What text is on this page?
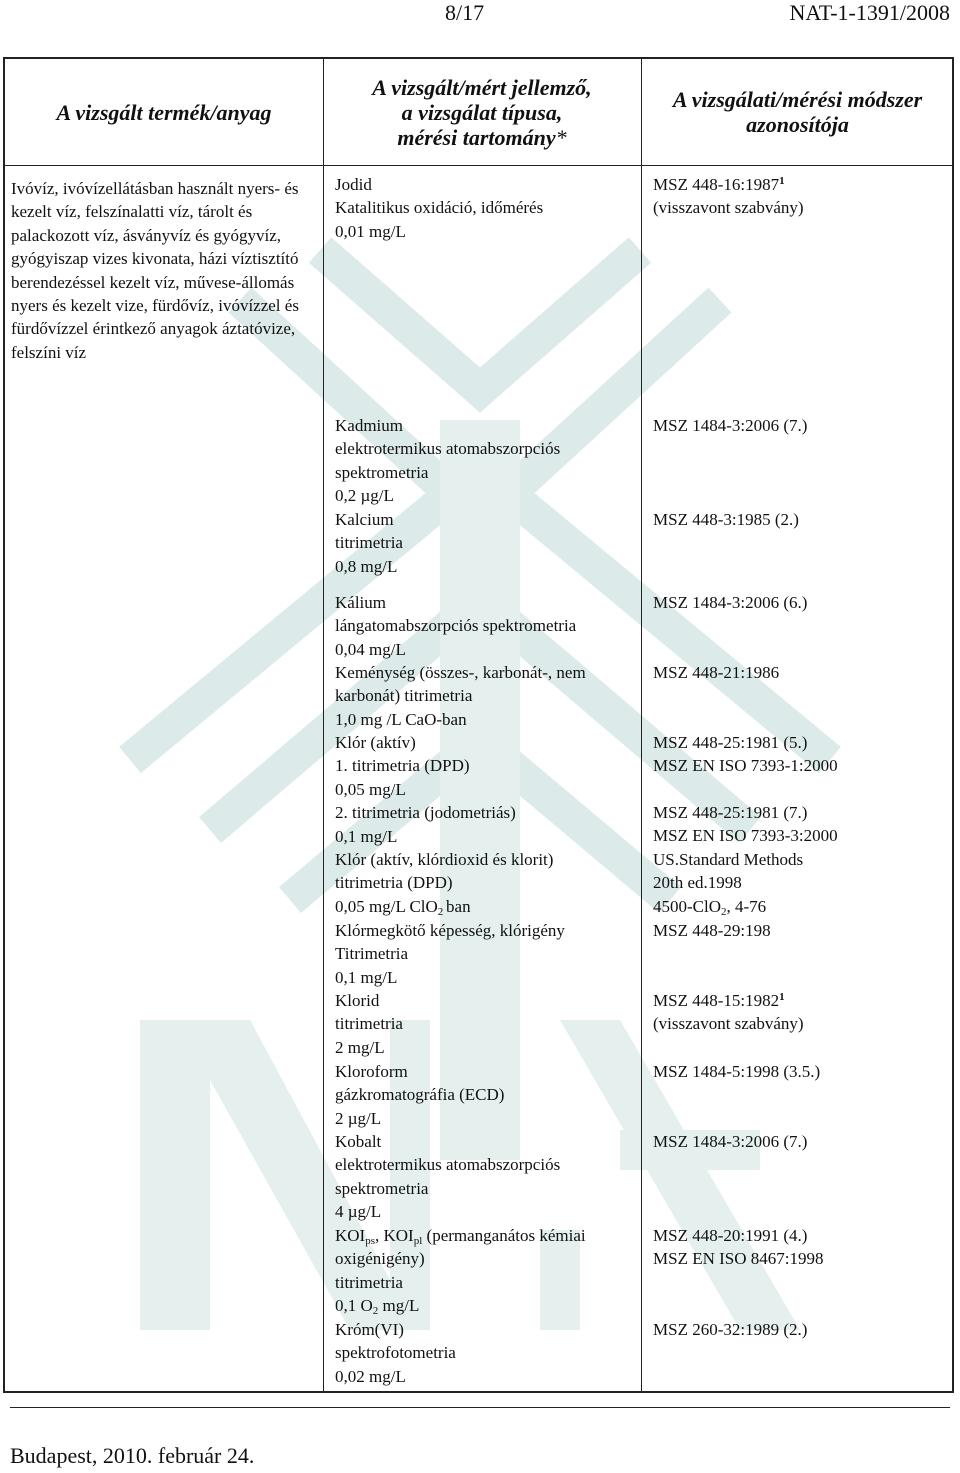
8/17	NAT-1-1391/2008
A vizsgált termék/anyag
A vizsgált/mért jellemző,
a vizsgálat típusa,
mérési tartomány*
A vizsgálati/mérési módszer
azonosítója
Ivóvíz, ivóvízellátásban használt nyers- és kezelt víz, felszínalatti víz, tárolt és palackozott víz, ásványvíz és gyógyvíz, gyógyiszap vizes kivonata, házi víztisztító berendezéssel kezelt víz, művese-állomás nyers és kezelt vize, fürdővíz, ivóvízzel és fürdővízzel érintkező anyagok áztatóvize, felszíni víz
Jodid
Katalitikus oxidáció, időmérés
0,01 mg/L
Kadmium
elektrotermikus atomabszorpciós
spektrometria
0,2 µg/L
Kalcium
titrimetria
0,8 mg/L
Kálium
lángatomabszorpciós spektrometria
0,04 mg/L
Keménység (összes-, karbonát-, nem
karbonát) titrimetria
1,0 mg /L CaO-ban
Klór (aktív)
1. titrimetria (DPD)
0,05 mg/L
2. titrimetria (jodometriás)
0,1 mg/L
Klór (aktív, klórdioxid és klorit)
titrimetria (DPD)
0,05 mg/L ClO$_2$ ban
Klórmegkötő képesség, klórigény
Titrimetria
0,1 mg/L
Klorid
titrimetria
2 mg/L
Kloroform
gázkromatográfia (ECD)
2 µg/L
Kobalt
elektrotermikus atomabszorpciós
spektrometria
4 µg/L
$KOI_{ps}$, $KOI_{pl}$ (permanganátos kémiai
oxigénigény)
titrimetria
0,1 $O_2$ mg/L
Króm(VI)
spektrofotometria
0,02 mg/L
MSZ 448-16:1987$^1$
(visszavont szabvány)
MSZ 1484-3:2006 (7.)
MSZ 448-3:1985 (2.)
MSZ 1484-3:2006 (6.)
MSZ 448-21:1986
MSZ 448-25:1981 (5.)
MSZ EN ISO 7393-1:2000
MSZ 448-25:1981 (7.)
MSZ EN ISO 7393-3:2000
US.Standard Methods
20th ed.1998
4500-ClO$_2$, 4-76
MSZ 448-29:198
MSZ 448-15:1982$^1$
(visszavont szabvány)
MSZ 1484-5:1998 (3.5.)
MSZ 1484-3:2006 (7.)
MSZ 448-20:1991 (4.)
MSZ EN ISO 8467:1998
MSZ 260-32:1989 (2.)
Budapest, 2010. február 24.
